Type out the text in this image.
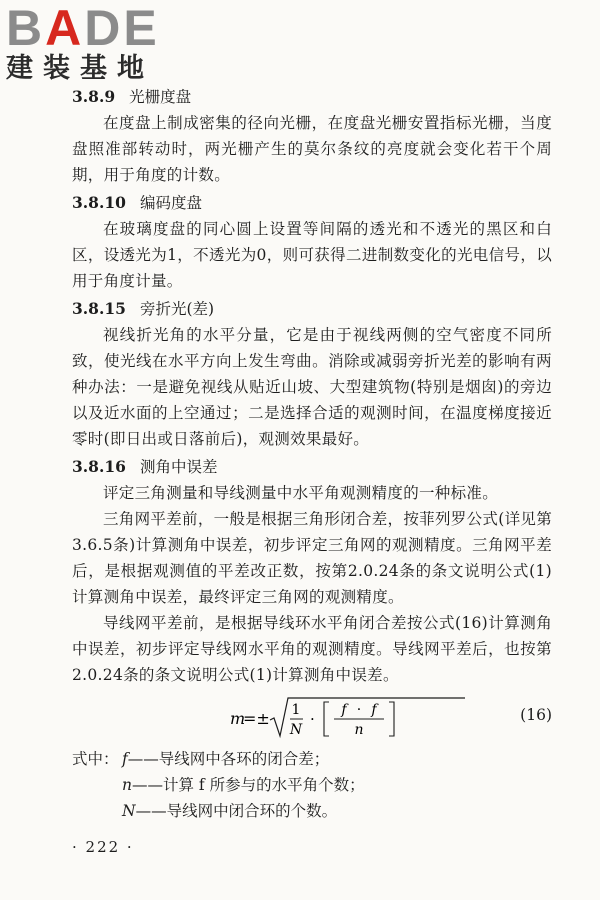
BADE
建装基地

3.8.9 光栅度盘

在度盘上制成密集的径向光栅，在度盘光栅安置指标光栅，当度盘照准部转动时，两光栅产生的莫尔条纹的亮度就会变化若干个周期，用于角度的计数。

3.8.10 编码度盘

在玻璃度盘的同心圆上设置等间隔的透光和不透光的黑区和白区，设透光为1，不透光为0，则可获得二进制数变化的光电信号，以用于角度计量。

3.8.15 旁折光(差)

视线折光角的水平分量，它是由于视线两侧的空气密度不同所致，使光线在水平方向上发生弯曲。消除或减弱旁折光差的影响有两种办法：一是避免视线从贴近山坡、大型建筑物(特别是烟囱)的旁边以及近水面的上空通过；二是选择合适的观测时间，在温度梯度接近零时(即日出或日落前后)，观测效果最好。

3.8.16 测角中误差

评定三角测量和导线测量中水平角观测精度的一种标准。

三角网平差前，一般是根据三角形闭合差，按菲列罗公式(详见第3.6.5条)计算测角中误差，初步评定三角网的观测精度。三角网平差后，是根据观测值的平差改正数，按第2.0.24条的条文说明公式(1)计算测角中误差，最终评定三角网的观测精度。

导线网平差前，是根据导线环水平角闭合差按公式(16)计算测角中误差，初步评定导线网水平角的观测精度。导线网平差后，也按第2.0.24条的条文说明公式(1)计算测角中误差。

m
=± 1
N
· f · f
n
(16)
式中： f —— 导线网中各环的闭合差；
n —— 计算 f 所参与的水平角个数；
N —— 导线网中闭合环的个数。
· 222 ·
